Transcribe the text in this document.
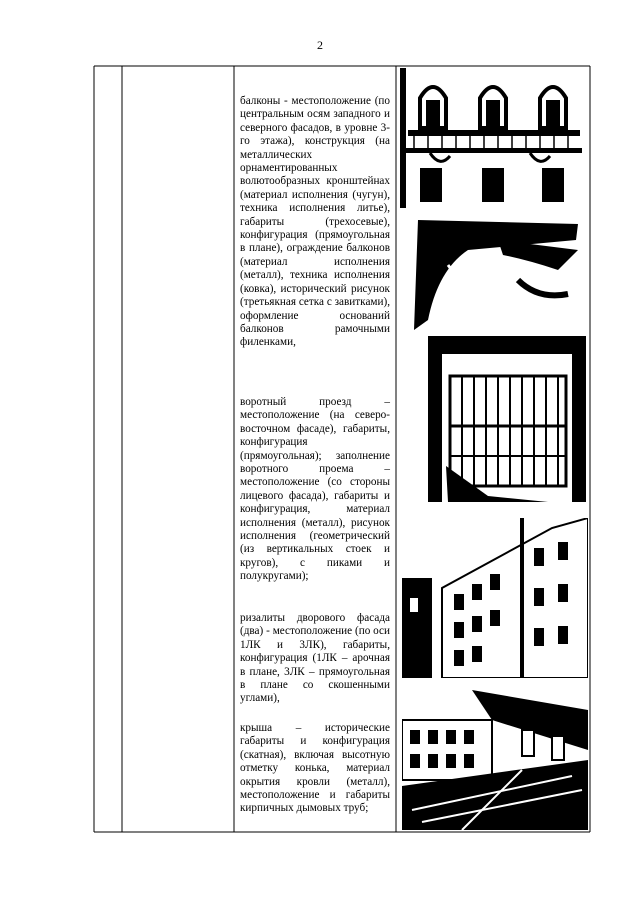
2

балконы - местоположение (по центральным осям западного и северного фасадов, в уровне 3-го этажа), конструкция (на металлических орнаментированных волютообразных кронштейнах (материал исполнения (чугун), техника исполнения литье), габариты (трехосевые), конфигурация (прямоугольная в плане), ограждение балконов (материал исполнения (металл), техника исполнения (ковка), исторический рисунок (третьякная сетка с завитками), оформление оснований балконов рамочными филенками,

воротный проезд – местоположение (на северо-восточном фасаде), габариты, конфигурация (прямоугольная); заполнение воротного проема – местоположение (со стороны лицевого фасада), габариты и конфигурация, материал исполнения (металл), рисунок исполнения (геометрический (из вертикальных стоек и кругов), с пиками и полукругами);

ризалиты дворового фасада (два) - местоположение (по оси 1ЛК и 3ЛК), габариты, конфигурация (1ЛК – арочная в плане, 3ЛК – прямоугольная в плане со скошенными углами),

крыша – исторические габариты и конфигурация (скатная), включая высотную отметку конька, материал окрытия кровли (металл), местоположение и габариты кирпичных дымовых труб;
